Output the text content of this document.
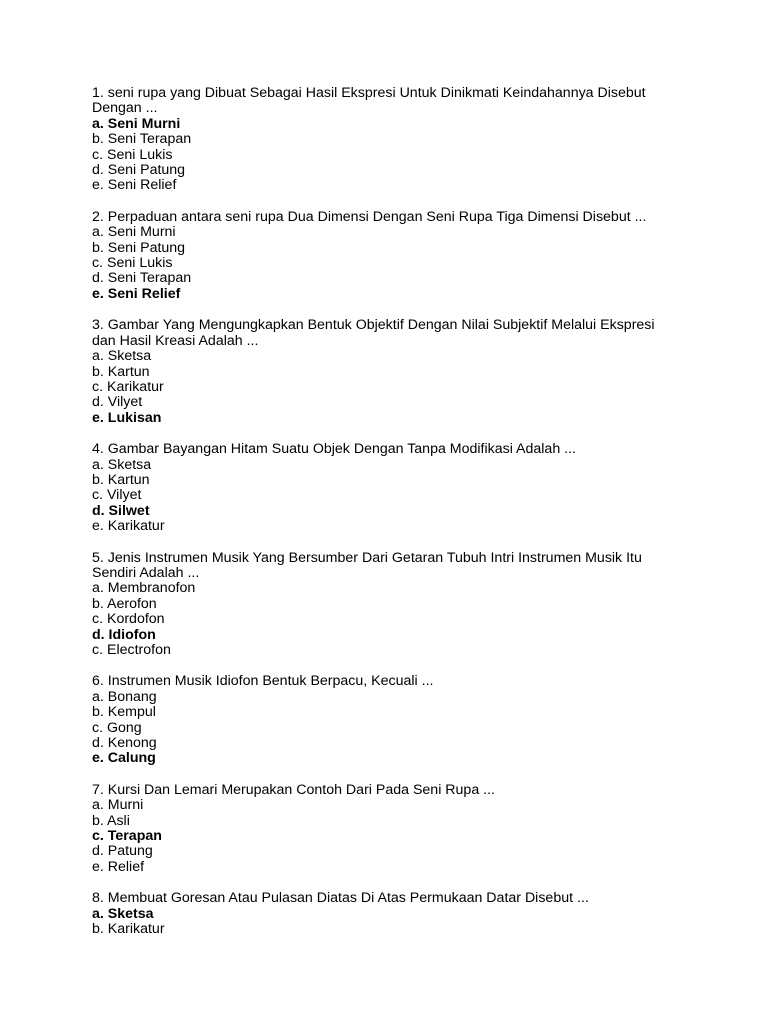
1. seni rupa yang Dibuat Sebagai Hasil Ekspresi Untuk Dinikmati Keindahannya Disebut
Dengan ...
a. Seni Murni
b. Seni Terapan
c. Seni Lukis
d. Seni Patung
e. Seni Relief
2. Perpaduan antara seni rupa Dua Dimensi Dengan Seni Rupa Tiga Dimensi Disebut ...
a. Seni Murni
b. Seni Patung
c. Seni Lukis
d. Seni Terapan
e. Seni Relief
3. Gambar Yang Mengungkapkan Bentuk Objektif Dengan Nilai Subjektif Melalui Ekspresi
dan Hasil Kreasi Adalah ...
a. Sketsa
b. Kartun
c. Karikatur
d. Vilyet
e. Lukisan
4. Gambar Bayangan Hitam Suatu Objek Dengan Tanpa Modifikasi Adalah ...
a. Sketsa
b. Kartun
c. Vilyet
d. Silwet
e. Karikatur
5. Jenis Instrumen Musik Yang Bersumber Dari Getaran Tubuh Intri Instrumen Musik Itu
Sendiri Adalah ...
a. Membranofon
b. Aerofon
c. Kordofon
d. Idiofon
c. Electrofon
6. Instrumen Musik Idiofon Bentuk Berpacu, Kecuali ...
a. Bonang
b. Kempul
c. Gong
d. Kenong
e. Calung
7. Kursi Dan Lemari Merupakan Contoh Dari Pada Seni Rupa ...
a. Murni
b. Asli
c. Terapan
d. Patung
e. Relief
8. Membuat Goresan Atau Pulasan Diatas Di Atas Permukaan Datar Disebut ...
a. Sketsa
b. Karikatur
